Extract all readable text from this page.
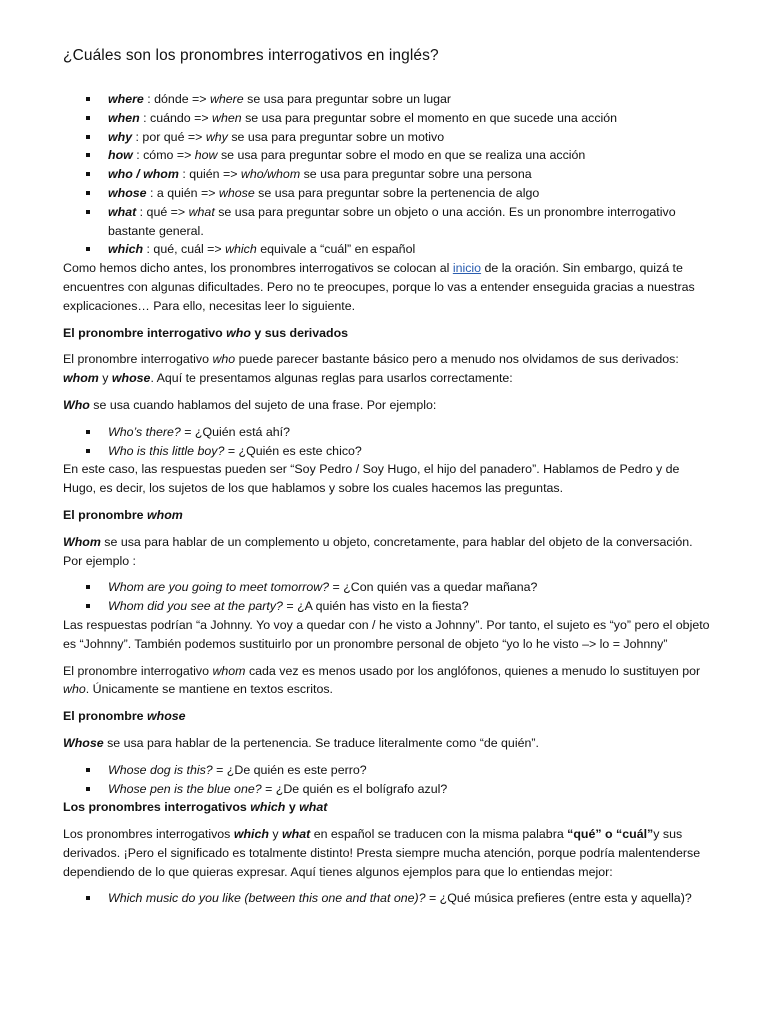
¿Cuáles son los pronombres interrogativos en inglés?
where : dónde => where se usa para preguntar sobre un lugar
when : cuándo => when se usa para preguntar sobre el momento en que sucede una acción
why : por qué => why se usa para preguntar sobre un motivo
how : cómo => how se usa para preguntar sobre el modo en que se realiza una acción
who / whom : quién => who/whom se usa para preguntar sobre una persona
whose : a quién => whose se usa para preguntar sobre la pertenencia de algo
what : qué => what se usa para preguntar sobre un objeto o una acción. Es un pronombre interrogativo bastante general.
which : qué, cuál => which equivale a “cuál” en español

Como hemos dicho antes, los pronombres interrogativos se colocan al inicio de la oración. Sin embargo, quizá te encuentres con algunas dificultades. Pero no te preocupes, porque lo vas a entender enseguida gracias a nuestras explicaciones… Para ello, necesitas leer lo siguiente.

El pronombre interrogativo who y sus derivados

El pronombre interrogativo who puede parecer bastante básico pero a menudo nos olvidamos de sus derivados: whom y whose. Aquí te presentamos algunas reglas para usarlos correctamente:

Who se usa cuando hablamos del sujeto de una frase. Por ejemplo:

Who’s there? = ¿Quién está ahí?
Who is this little boy? = ¿Quién es este chico?

En este caso, las respuestas pueden ser “Soy Pedro / Soy Hugo, el hijo del panadero”. Hablamos de Pedro y de Hugo, es decir, los sujetos de los que hablamos y sobre los cuales hacemos las preguntas.

El pronombre whom

Whom se usa para hablar de un complemento u objeto, concretamente, para hablar del objeto de la conversación. Por ejemplo :

Whom are you going to meet tomorrow? = ¿Con quién vas a quedar mañana?
Whom did you see at the party? = ¿A quién has visto en la fiesta?

Las respuestas podrían “a Johnny. Yo voy a quedar con / he visto a Johnny”. Por tanto, el sujeto es “yo” pero el objeto es “Johnny”. También podemos sustituirlo por un pronombre personal de objeto “yo lo he visto –> lo = Johnny”

El pronombre interrogativo whom cada vez es menos usado por los anglófonos, quienes a menudo lo sustituyen por who. Únicamente se mantiene en textos escritos.

El pronombre whose

Whose se usa para hablar de la pertenencia. Se traduce literalmente como “de quién”.

Whose dog is this? = ¿De quién es este perro?
Whose pen is the blue one? = ¿De quién es el bolígrafo azul?

Los pronombres interrogativos which y what

Los pronombres interrogativos which y what en español se traducen con la misma palabra “qué” o “cuál”y sus derivados. ¡Pero el significado es totalmente distinto! Presta siempre mucha atención, porque podría malentenderse dependiendo de lo que quieras expresar. Aquí tienes algunos ejemplos para que lo entiendas mejor:

Which music do you like (between this one and that one)? = ¿Qué música prefieres (entre esta y aquella)?
